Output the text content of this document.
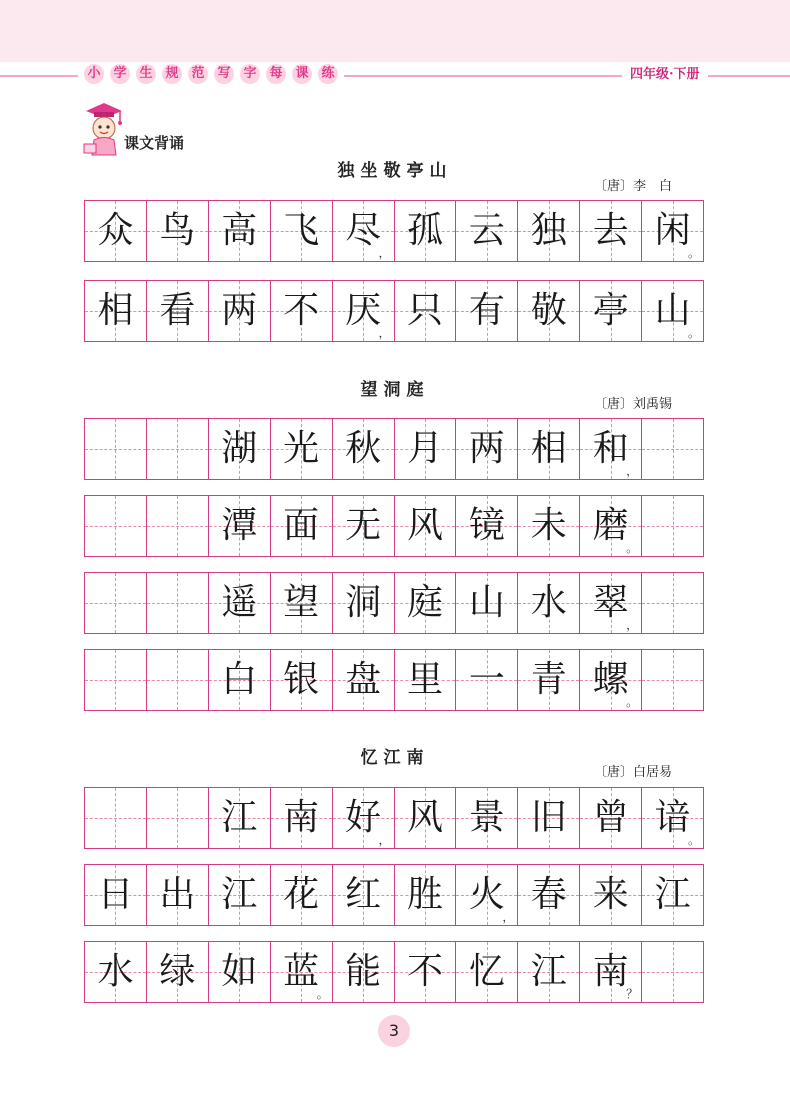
小 学 生 规 范 写 字 每 课 练	四年级·下册
课文背诵
独坐敬亭山
〔唐〕李　白
众 鸟 高 飞 尽
，
孤 云 独 去 闲
。
相 看 两 不 厌
，
只 有 敬 亭 山
。
望洞庭
〔唐〕刘禹锡
湖 光 秋 月 两 相 和
，
潭 面 无 风 镜 未 磨
。
遥 望 洞 庭 山 水 翠
，
白 银 盘 里 一 青 螺
。
忆江南
〔唐〕白居易
江 南 好
，
风 景 旧 曾 谙
。
日 出 江 花 红 胜 火
，
春 来 江
水 绿 如 蓝
。
能 不 忆 江 南
？
3
